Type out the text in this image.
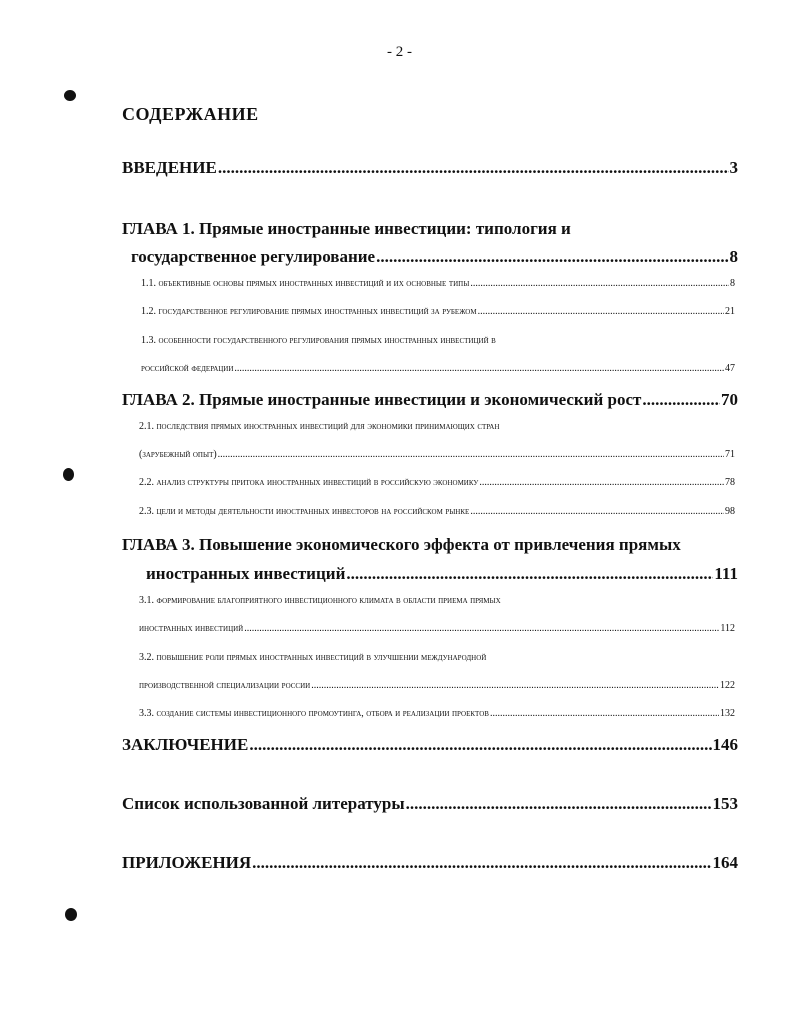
- 2 -
СОДЕРЖАНИЕ
ВВЕДЕНИЕ .....	3
ГЛАВА 1. Прямые иностранные инвестиции: типология и
государственное регулирование .....	8
1.1. объективные основы прямых иностранных инвестиций и их основные типы .....	8
1.2. государственное регулирование прямых иностранных инвестиций за рубежом .....	21
1.3. особенности государственного регулирования прямых иностранных инвестиций в
российской федерации .....	47
ГЛАВА 2. Прямые иностранные инвестиции и экономический рост .....	70
2.1. последствия прямых иностранных инвестиций для экономики принимающих стран
(зарубежный опыт) .....	71
2.2. анализ структуры притока иностранных инвестиций в российскую экономику .....	78
2.3. цели и методы деятельности иностранных инвесторов на российском рынке .....	98
ГЛАВА 3. Повышение экономического эффекта от привлечения прямых
иностранных инвестиций .....	111
3.1. формирование благоприятного инвестиционного климата в области приема прямых
иностранных инвестиций .....	112
3.2. повышение роли прямых иностранных инвестиций в улучшении международной
производственной специализации россии .....	122
3.3. создание системы инвестиционного промоутинга, отбора и реализации проектов .....	132
ЗАКЛЮЧЕНИЕ .....	146
Список использованной литературы .....	153
ПРИЛОЖЕНИЯ .....	164
